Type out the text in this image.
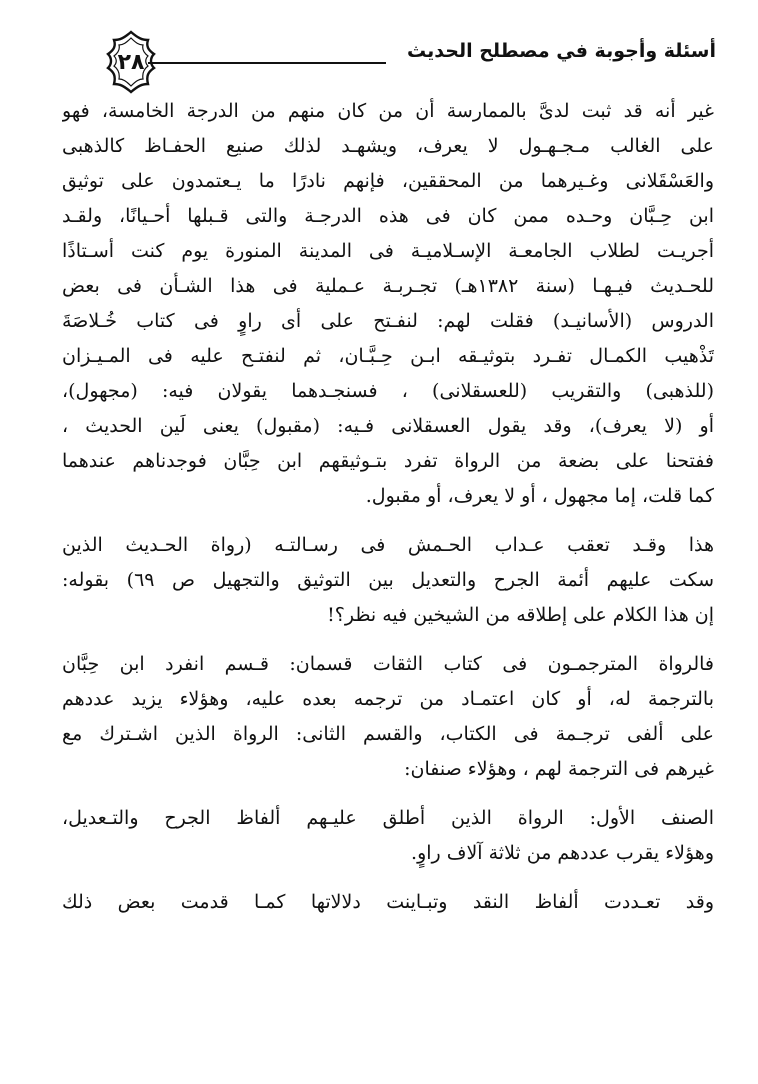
أسئلة وأجوبة في مصطلح الحديث
٢٨
غير أنه قد ثبت لدىَّ بالممارسة أن من كان منهم من الدرجة الخامسة، فهو
على الغالب مـجـهـول لا يعرف، ويشهـد لذلك صنيع الحفـاظ كالذهبى
والعَسْقَلانى وغـيرهما من المحققين، فإنهم نادرًا ما يـعتمدون على توثيق
ابن حِـبَّان وحـده ممن كان فى هذه الدرجـة والتى قـبلها أحـيانًا، ولقـد
أجريـت لطلاب الجامعـة الإسـلاميـة فى المدينة المنورة يوم كنت أسـتاذًا
للحـديث فيـهـا (سنة ١٣٨٢هـ) تجـربـة عـملية فى هذا الشـأن فى بعض
الدروس (الأسانيـد) فقلت لهم: لنفـتح على أى راوٍ فى كتاب خُـلاصَةَ
تَذْهيب الكمـال تفـرد بتوثيـقه ابـن حِـبَّـان، ثم لنفتـح عليه فى المـيـزان
(للذهبى) والتقريب (للعسقلانى) ، فسنجـدهما يقولان فيه: (مجهول)،
أو (لا يعرف)، وقد يقول العسقلانى فـيه: (مقبول) يعنى لَين الحديث ،
ففتحنا على بضعة من الرواة تفرد بتـوثيقهم ابن حِبَّان فوجدناهم عندهما
كما قلت، إما مجهول ، أو لا يعرف، أو مقبول.
هذا وقـد تعقب عـداب الحـمش فى رسـالتـه (رواة الحـديث الذين
سكت عليهم أئمة الجرح والتعديل بين التوثيق والتجهيل ص ٦٩) بقوله:
إن هذا الكلام على إطلاقه من الشيخين فيه نظر؟!
فالرواة المترجمـون فى كتاب الثقات قسمان: قـسم انفرد ابن حِبَّان
بالترجمة له، أو كان اعتمـاد من ترجمه بعده عليه، وهؤلاء يزيد عددهم
على ألفى ترجـمة فى الكتاب، والقسم الثانى: الرواة الذين اشـترك مع
غيرهم فى الترجمة لهم ، وهؤلاء صنفان:
الصنف الأول: الرواة الذين أطلق عليـهم ألفاظ الجرح والتـعديل،
وهؤلاء يقرب عددهم من ثلاثة آلاف راوٍ.
وقد تعـددت ألفاظ النقد وتبـاينت دلالاتها كمـا قدمت بعض ذلك
